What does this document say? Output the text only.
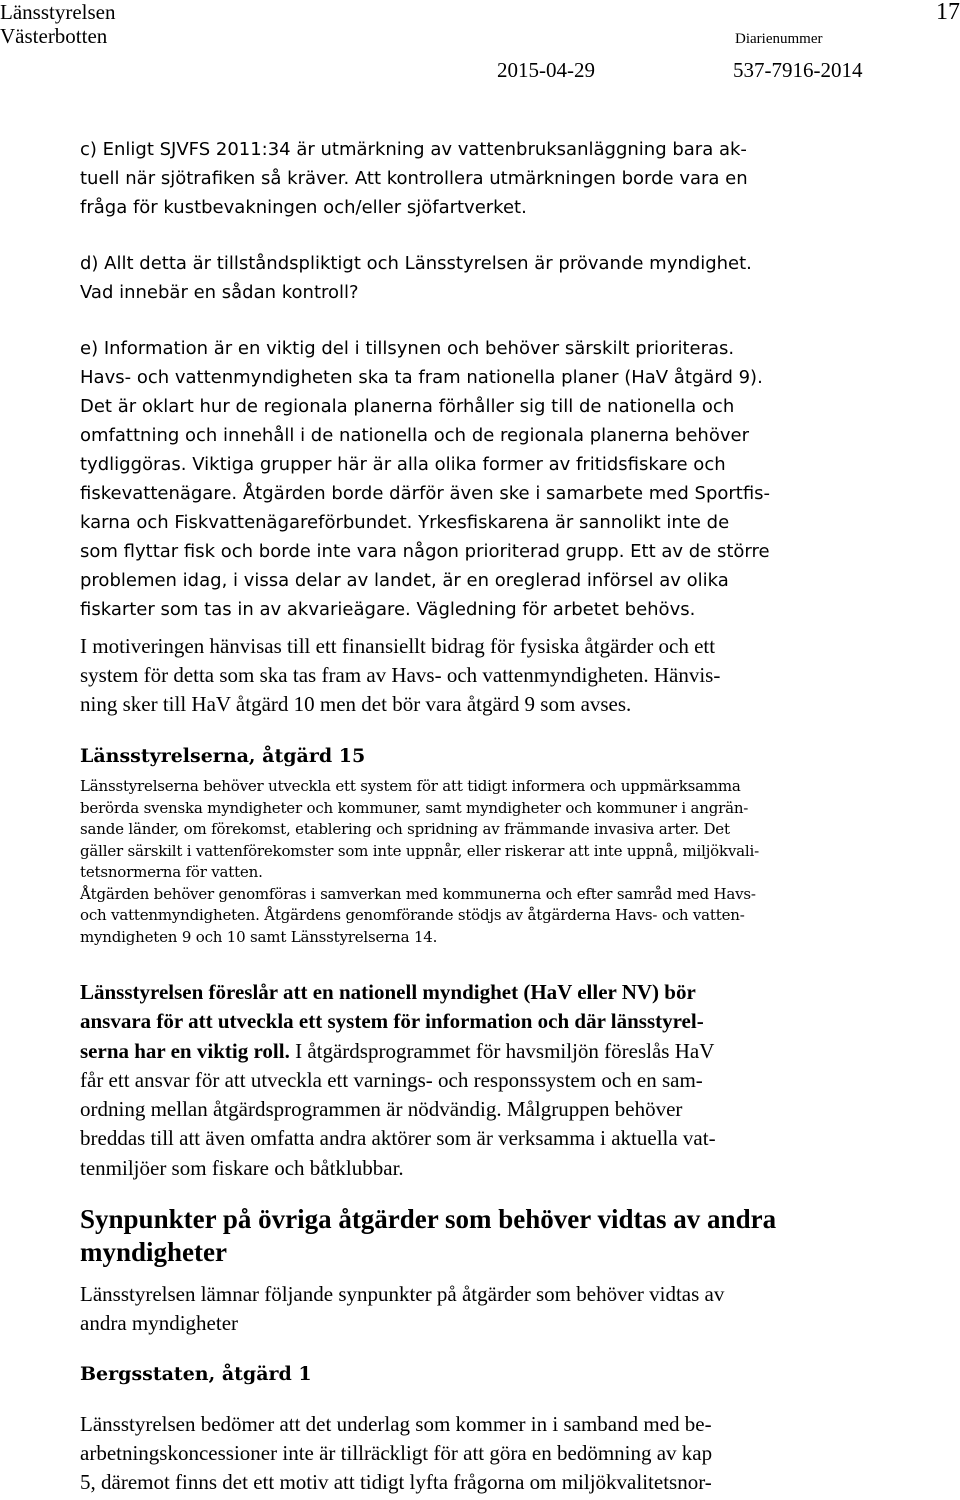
Länsstyrelsen
Västerbotten	Diarienummer
2015-04-29	537-7916-2014
17

c) Enligt SJVFS 2011:34 är utmärkning av vattenbruksanläggning bara ak-
tuell när sjötrafiken så kräver. Att kontrollera utmärkningen borde vara en
fråga för kustbevakningen och/eller sjöfartverket.

d) Allt detta är tillståndspliktigt och Länsstyrelsen är prövande myndighet.
Vad innebär en sådan kontroll?

e) Information är en viktig del i tillsynen och behöver särskilt prioriteras.
Havs- och vattenmyndigheten ska ta fram nationella planer (HaV åtgärd 9).
Det är oklart hur de regionala planerna förhåller sig till de nationella och
omfattning och innehåll i de nationella och de regionala planerna behöver
tydliggöras. Viktiga grupper här är alla olika former av fritidsfiskare och
fiskevattenägare. Åtgärden borde därför även ske i samarbete med Sportfis-
karna och Fiskvattenägareförbundet. Yrkesfiskarena är sannolikt inte de
som flyttar fisk och borde inte vara någon prioriterad grupp. Ett av de större
problemen idag, i vissa delar av landet, är en oreglerad införsel av olika
fiskarter som tas in av akvarieägare. Vägledning för arbetet behövs.

I motiveringen hänvisas till ett finansiellt bidrag för fysiska åtgärder och ett
system för detta som ska tas fram av Havs- och vattenmyndigheten. Hänvis-
ning sker till HaV åtgärd 10 men det bör vara åtgärd 9 som avses.

Länsstyrelserna, åtgärd 15

Länsstyrelserna behöver utveckla ett system för att tidigt informera och uppmärksamma
berörda svenska myndigheter och kommuner, samt myndigheter och kommuner i angrän-
sande länder, om förekomst, etablering och spridning av främmande invasiva arter. Det
gäller särskilt i vattenförekomster som inte uppnår, eller riskerar att inte uppnå, miljökvali-
tetsnormerna för vatten.

Åtgärden behöver genomföras i samverkan med kommunerna och efter samråd med Havs-
och vattenmyndigheten. Åtgärdens genomförande stödjs av åtgärderna Havs- och vatten-
myndigheten 9 och 10 samt Länsstyrelserna 14.

Länsstyrelsen föreslår att en nationell myndighet (HaV eller NV) bör
ansvara för att utveckla ett system för information och där länsstyrel-
serna har en viktig roll. I åtgärdsprogrammet för havsmiljön föreslås HaV
får ett ansvar för att utveckla ett varnings- och responssystem och en sam-
ordning mellan åtgärdsprogrammen är nödvändig. Målgruppen behöver
breddas till att även omfatta andra aktörer som är verksamma i aktuella vat-
tenmiljöer som fiskare och båtklubbar.

Synpunkter på övriga åtgärder som behöver vidtas av andra
myndigheter

Länsstyrelsen lämnar följande synpunkter på åtgärder som behöver vidtas av
andra myndigheter

Bergsstaten, åtgärd 1

Länsstyrelsen bedömer att det underlag som kommer in i samband med be-
arbetningskoncessioner inte är tillräckligt för att göra en bedömning av kap
5, däremot finns det ett motiv att tidigt lyfta frågorna om miljökvalitetsnor-
